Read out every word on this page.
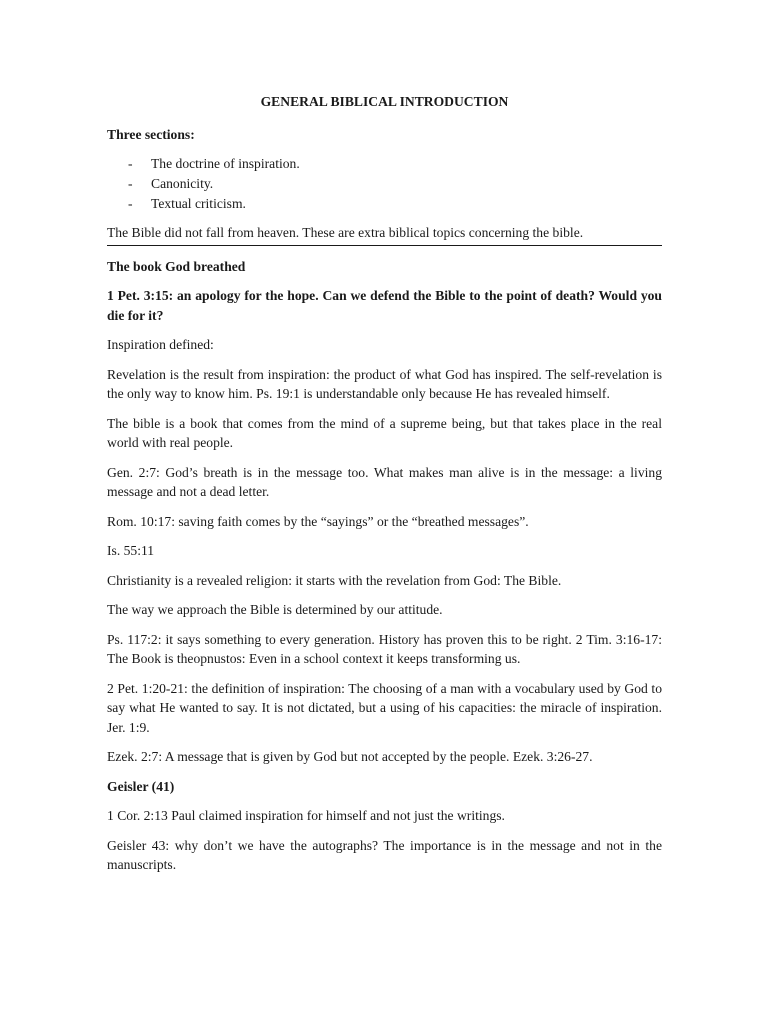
GENERAL BIBLICAL INTRODUCTION
Three sections:
- The doctrine of inspiration.
- Canonicity.
- Textual criticism.
The Bible did not fall from heaven. These are extra biblical topics concerning the bible.
The book God breathed
1 Pet. 3:15: an apology for the hope. Can we defend the Bible to the point of death? Would you die for it?
Inspiration defined:
Revelation is the result from inspiration: the product of what God has inspired. The self-revelation is the only way to know him. Ps. 19:1 is understandable only because He has revealed himself.
The bible is a book that comes from the mind of a supreme being, but that takes place in the real world with real people.
Gen. 2:7: God’s breath is in the message too. What makes man alive is in the message: a living message and not a dead letter.
Rom. 10:17: saving faith comes by the “sayings” or the “breathed messages”.
Is. 55:11
Christianity is a revealed religion: it starts with the revelation from God: The Bible.
The way we approach the Bible is determined by our attitude.
Ps. 117:2: it says something to every generation. History has proven this to be right. 2 Tim. 3:16-17: The Book is theopnustos: Even in a school context it keeps transforming us.
2 Pet. 1:20-21: the definition of inspiration: The choosing of a man with a vocabulary used by God to say what He wanted to say. It is not dictated, but a using of his capacities: the miracle of inspiration. Jer. 1:9.
Ezek. 2:7: A message that is given by God but not accepted by the people. Ezek. 3:26-27.
Geisler (41)
1 Cor. 2:13 Paul claimed inspiration for himself and not just the writings.
Geisler 43: why don’t we have the autographs? The importance is in the message and not in the manuscripts.
